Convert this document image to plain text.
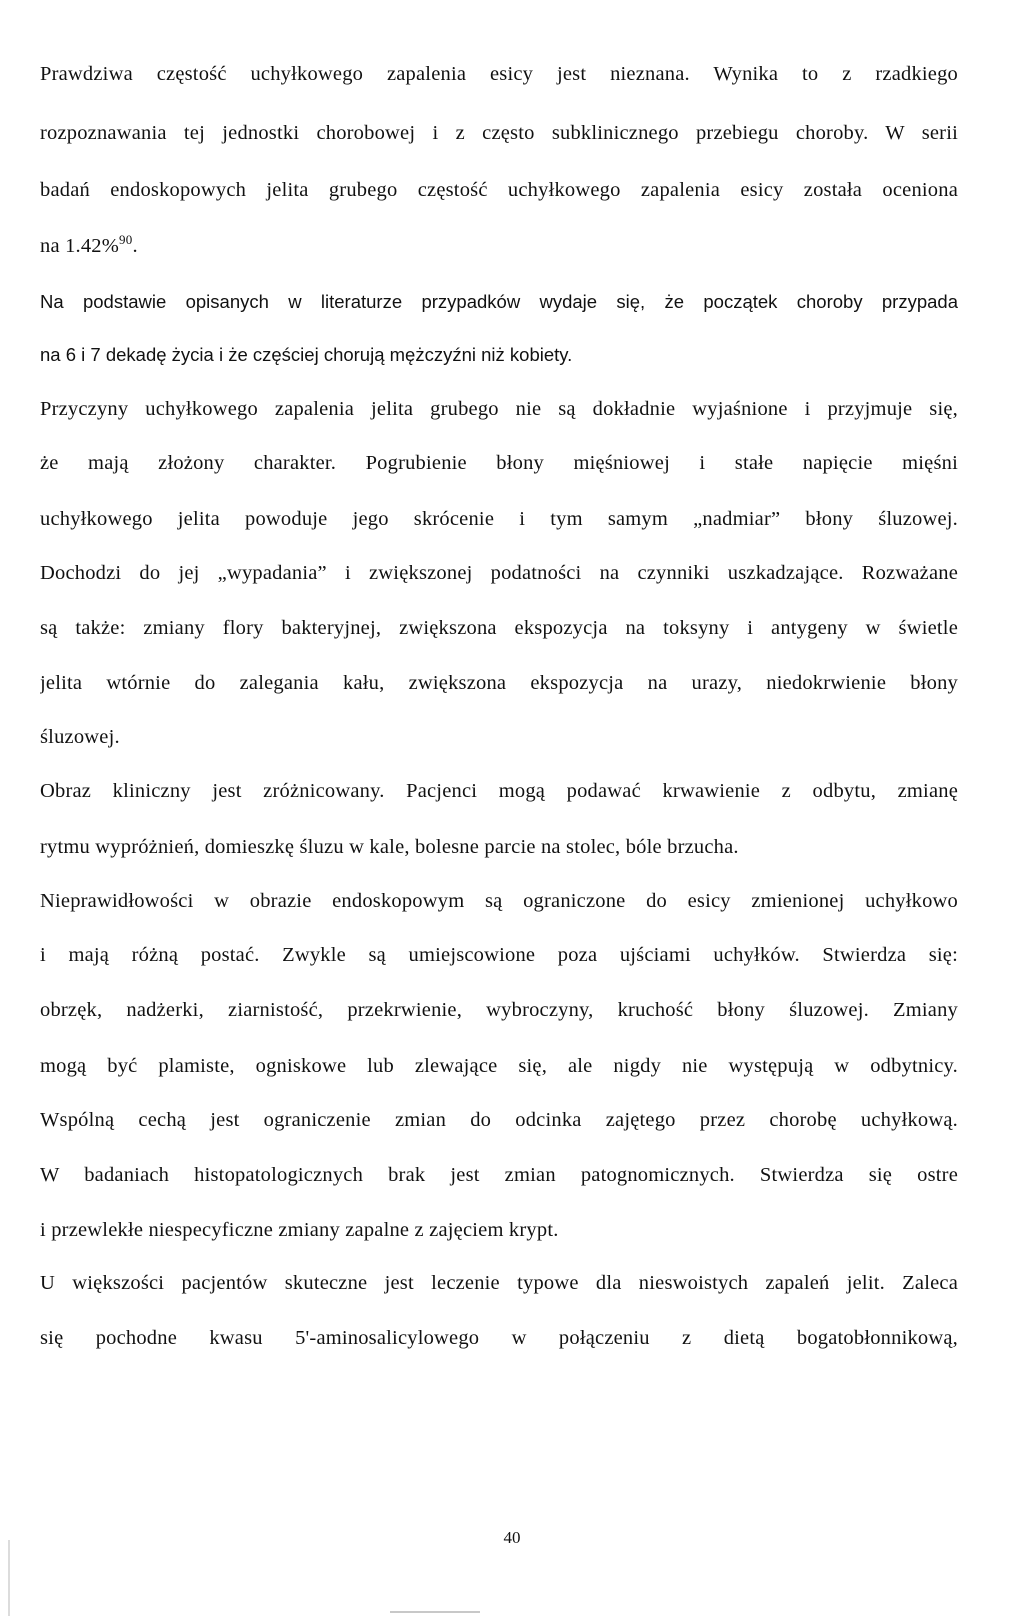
Prawdziwa częstość uchyłkowego zapalenia esicy jest nieznana. Wynika to z rzadkiego
rozpoznawania tej jednostki chorobowej i z często subklinicznego przebiegu choroby. W serii
badań endoskopowych jelita grubego częstość uchyłkowego zapalenia esicy została oceniona
na 1.42%$^{90}$.
Na podstawie opisanych w literaturze przypadków wydaje się, że początek choroby przypada
na 6 i 7 dekadę życia i że częściej chorują mężczyźni niż kobiety.
Przyczyny uchyłkowego zapalenia jelita grubego nie są dokładnie wyjaśnione i przyjmuje się,
że mają złożony charakter. Pogrubienie błony mięśniowej i stałe napięcie mięśni
uchyłkowego jelita powoduje jego skrócenie i tym samym „nadmiar” błony śluzowej.
Dochodzi do jej „wypadania” i zwiększonej podatności na czynniki uszkadzające. Rozważane
są także: zmiany flory bakteryjnej, zwiększona ekspozycja na toksyny i antygeny w świetle
jelita wtórnie do zalegania kału, zwiększona ekspozycja na urazy, niedokrwienie błony
śluzowej.
Obraz kliniczny jest zróżnicowany. Pacjenci mogą podawać krwawienie z odbytu, zmianę
rytmu wypróżnień, domieszkę śluzu w kale, bolesne parcie na stolec, bóle brzucha.
Nieprawidłowości w obrazie endoskopowym są ograniczone do esicy zmienionej uchyłkowo
i mają różną postać. Zwykle są umiejscowione poza ujściami uchyłków. Stwierdza się:
obrzęk, nadżerki, ziarnistość, przekrwienie, wybroczyny, kruchość błony śluzowej. Zmiany
mogą być plamiste, ogniskowe lub zlewające się, ale nigdy nie występują w odbytnicy.
Wspólną cechą jest ograniczenie zmian do odcinka zajętego przez chorobę uchyłkową.
W badaniach histopatologicznych brak jest zmian patognomicznych. Stwierdza się ostre
i przewlekłe niespecyficzne zmiany zapalne z zajęciem krypt.
U większości pacjentów skuteczne jest leczenie typowe dla nieswoistych zapaleń jelit. Zaleca
się pochodne kwasu 5'-aminosalicylowego w połączeniu z dietą bogatobłonnikową,
40
